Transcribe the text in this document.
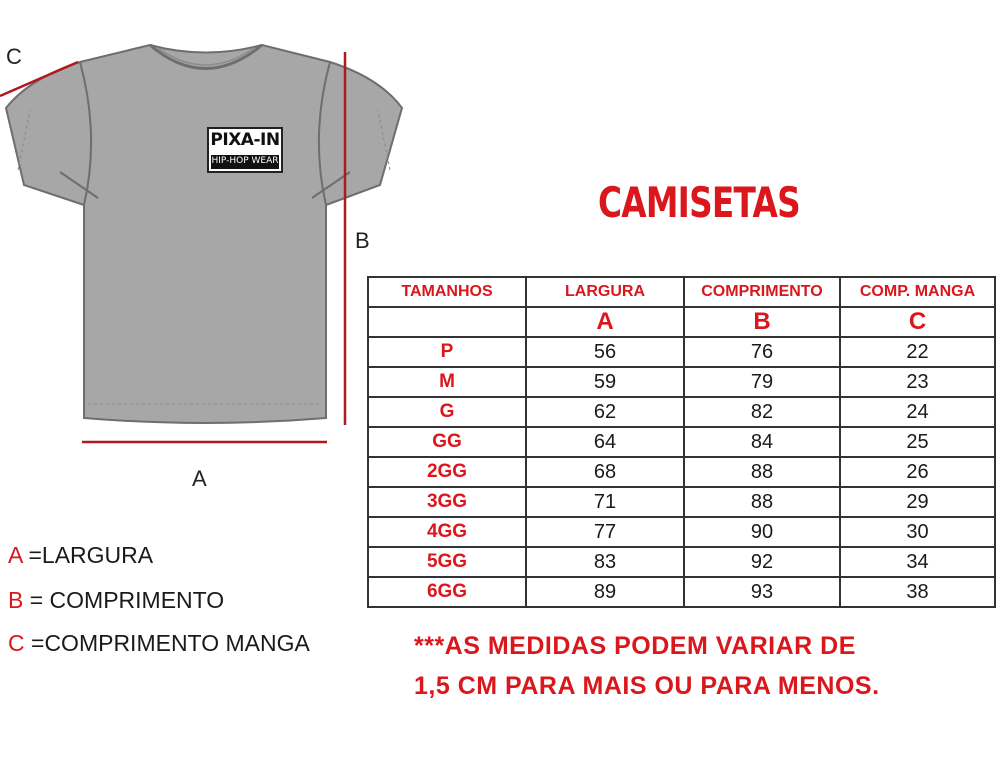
PIXA-IN
HIP-HOP WEAR
C
B
A
CAMISETAS
TAMANHOS	LARGURA	COMPRIMENTO	COMP. MANGA
	A	B	C
P	56	76	22
M	59	79	23
G	62	82	24
GG	64	84	25
2GG	68	88	26
3GG	71	88	29
4GG	77	90	30
5GG	83	92	34
6GG	89	93	38
A =LARGURA
B = COMPRIMENTO
C =COMPRIMENTO MANGA	***AS MEDIDAS PODEM VARIAR DE
1,5 CM PARA MAIS OU PARA MENOS.
